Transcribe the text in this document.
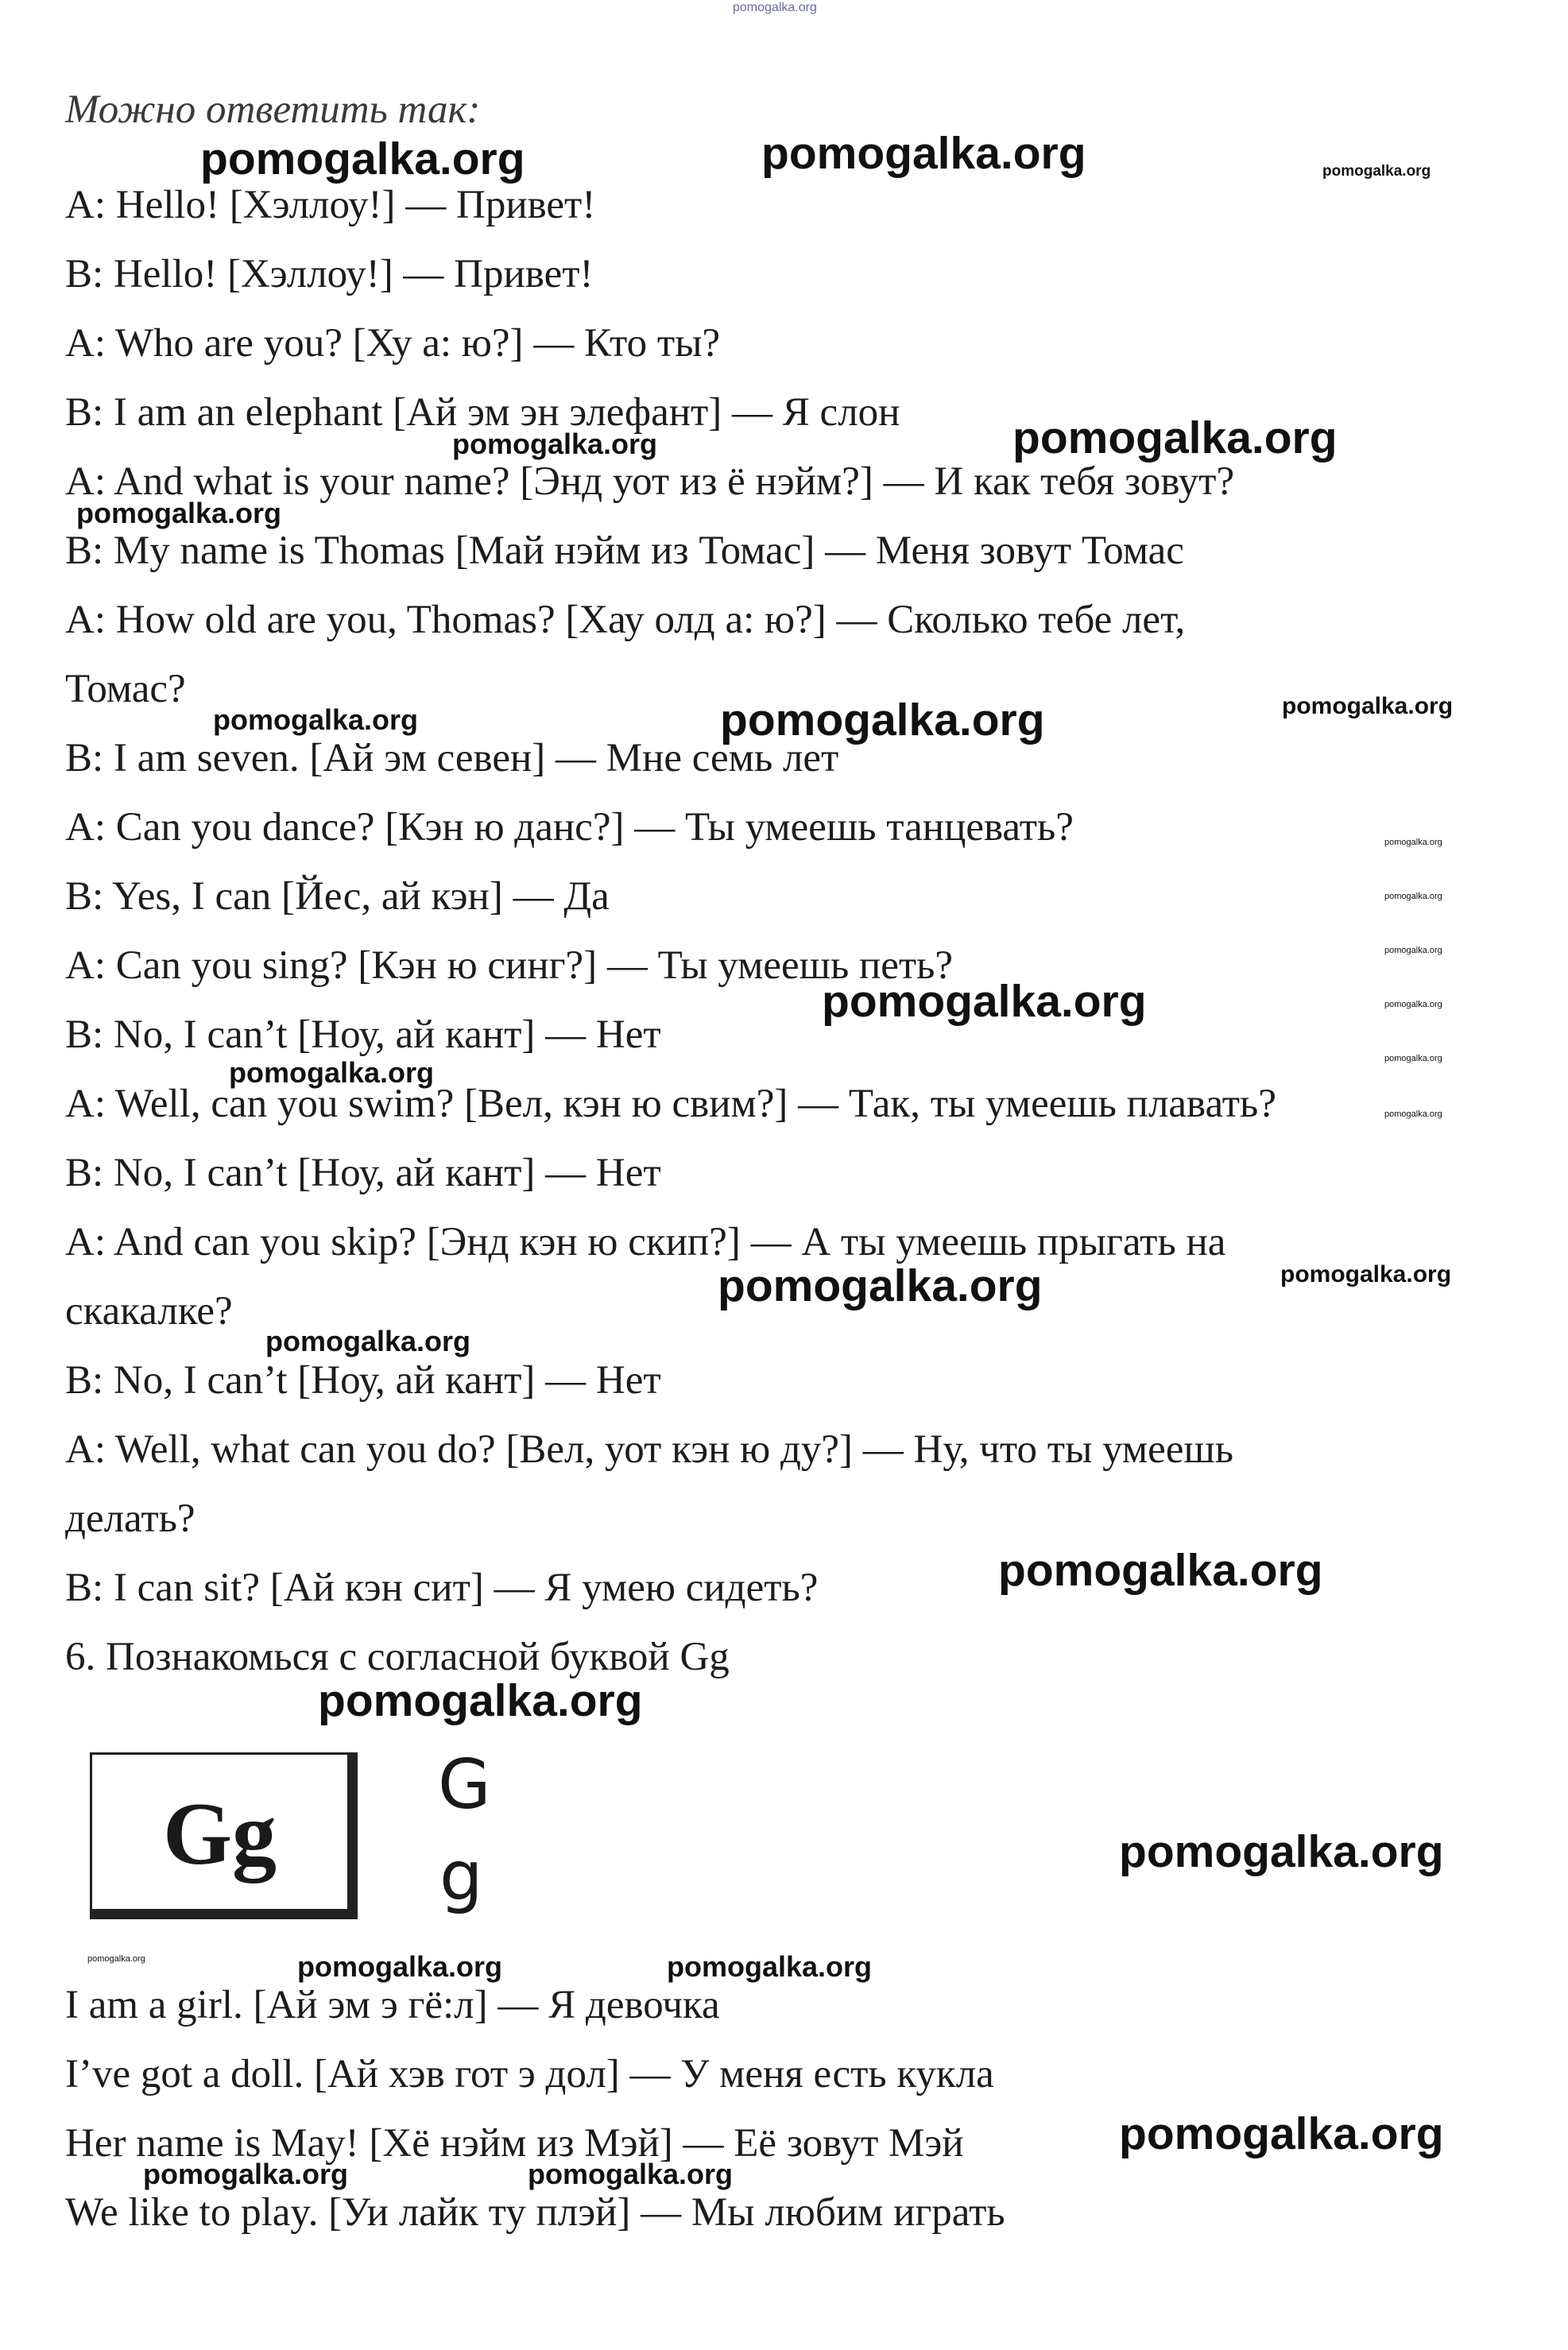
Можно ответить так:
A: Hello! [Хэллоу!] — Привет!
B: Hello! [Хэллоу!] — Привет!
A: Who are you? [Ху а: ю?] — Кто ты?
B: I am an elephant [Ай эм эн элефант] — Я слон
A: And what is your name? [Энд уот из ё нэйм?] — И как тебя зовут?
B: My name is Thomas [Май нэйм из Томас] — Меня зовут Томас
A: How old are you, Thomas? [Хау олд а: ю?] — Сколько тебе лет,
Томас?
B: I am seven. [Ай эм севен] — Мне семь лет
A: Can you dance? [Кэн ю данс?] — Ты умеешь танцевать?
B: Yes, I can [Йес, ай кэн] — Да
A: Can you sing? [Кэн ю синг?] — Ты умеешь петь?
B: No, I can’t [Ноу, ай кант] — Нет
A: Well, can you swim? [Вел, кэн ю свим?] — Так, ты умеешь плавать?
B: No, I can’t [Ноу, ай кант] — Нет
A: And can you skip? [Энд кэн ю скип?] — А ты умеешь прыгать на
скакалке?
B: No, I can’t [Ноу, ай кант] — Нет
A: Well, what can you do? [Вел, уот кэн ю ду?] — Ну, что ты умеешь
делать?
B: I can sit? [Ай кэн сит] — Я умею сидеть?
6. Познакомься с согласной буквой Gg
Gg	G
g
I am a girl. [Ай эм э гё:л] — Я девочка
I’ve got a doll. [Ай хэв гот э дол] — У меня есть кукла
Her name is May! [Хё нэйм из Мэй] — Её зовут Мэй
We like to play. [Уи лайк ту плэй] — Мы любим играть
pomogalka.org
pomogalka.org	pomogalka.org	pomogalka.org
pomogalka.org
pomogalka.org
pomogalka.org
pomogalka.org	pomogalka.org	pomogalka.org
pomogalka.org
pomogalka.org
pomogalka.org
pomogalka.org
pomogalka.org
pomogalka.org
pomogalka.org
pomogalka.org
pomogalka.org	pomogalka.org
pomogalka.org
pomogalka.org
pomogalka.org
pomogalka.org
pomogalka.org	pomogalka.org	pomogalka.org
pomogalka.org
pomogalka.org	pomogalka.org
